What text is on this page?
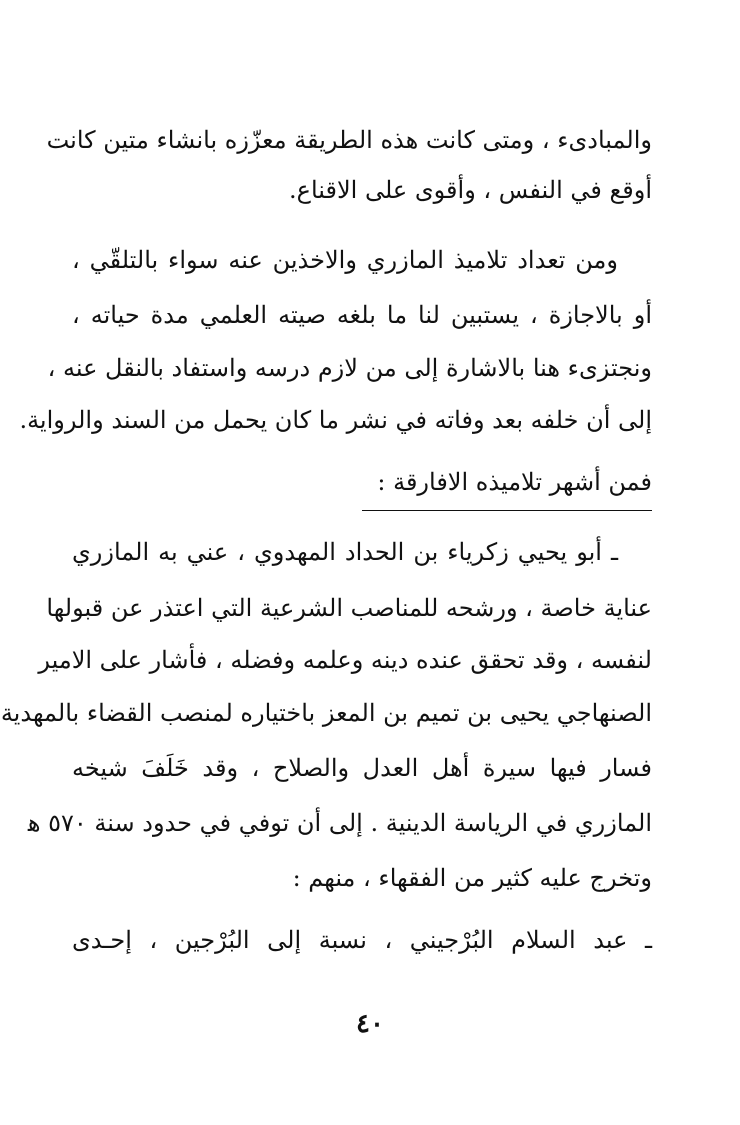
والمبادىء ، ومتى كانت هذه الطريقة معزّزه بانشاء متين كانت
أوقع في النفس ، وأقوى على الاقناع.
ومن تعداد تلاميذ المازري والاخذين عنه سواء بالتلقّي ،
أو بالاجازة ، يستبين لنا ما بلغه صيته العلمي مدة حياته ،
ونجتزىء هنا بالاشارة إلى من لازم درسه واستفاد بالنقل عنه ،
إلى أن خلفه بعد وفاته في نشر ما كان يحمل من السند والرواية.
فمن أشهر تلاميذه الافارقة :
ـ أبو يحيي زكرياء بن الحداد المهدوي ، عني به المازري
عناية خاصة ، ورشحه للمناصب الشرعية التي اعتذر عن قبولها
لنفسه ، وقد تحقق عنده دينه وعلمه وفضله ، فأشار على الامير
الصنهاجي يحيى بن تميم بن المعز باختياره لمنصب القضاء بالمهدية
فسار فيها سيرة أهل العدل والصلاح ، وقد خَلَفَ شيخه
المازري في الرياسة الدينية . إلى أن توفي في حدود سنة ٥٧٠ ﻫ
وتخرج عليه كثير من الفقهاء ، منهم :
ـ عبد السلام البُرْجيني ، نسبة إلى البُرْجين ، إحـدى
٤٠
